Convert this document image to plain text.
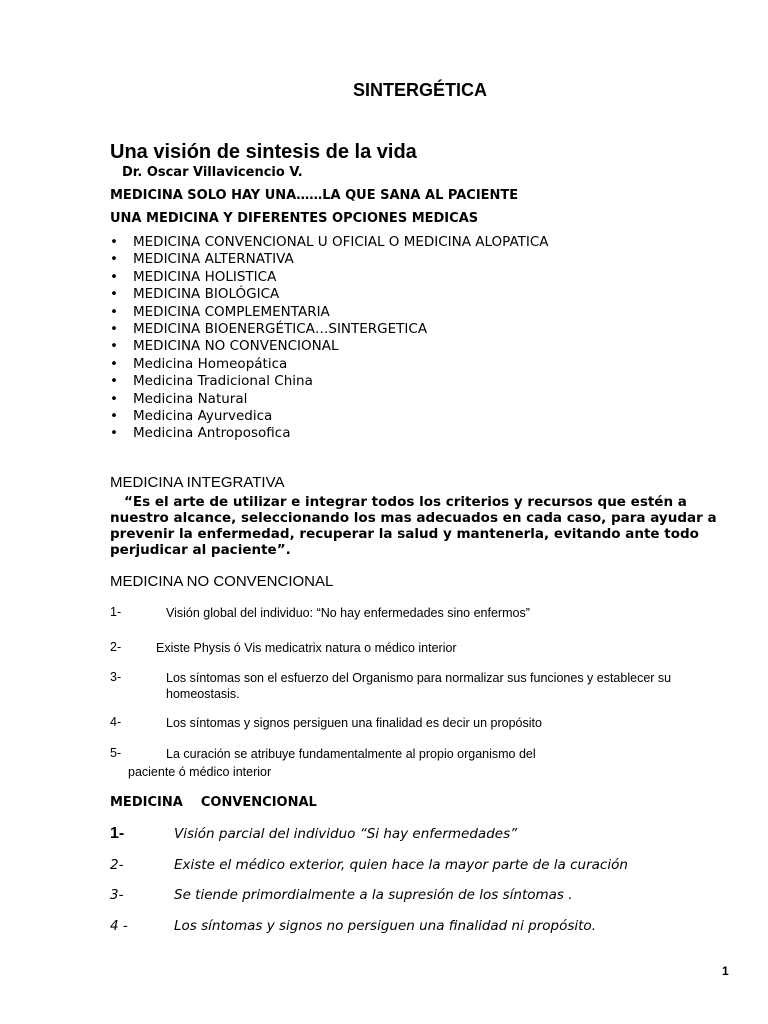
SINTERGÉTICA
Una visión de sintesis de la vida
Dr. Oscar Villavicencio V.
MEDICINA SOLO HAY UNA……LA QUE SANA AL PACIENTE
UNA MEDICINA Y DIFERENTES OPCIONES MEDICAS
• MEDICINA CONVENCIONAL U OFICIAL O MEDICINA ALOPATICA
• MEDICINA ALTERNATIVA
• MEDICINA HOLISTICA
• MEDICINA BIOLÓGICA
• MEDICINA COMPLEMENTARIA
• MEDICINA BIOENERGÉTICA…SINTERGETICA
• MEDICINA NO CONVENCIONAL
• Medicina Homeopática
• Medicina Tradicional China
• Medicina Natural
• Medicina Ayurvedica
• Medicina Antroposofica
MEDICINA INTEGRATIVA
“Es el arte de utilizar e integrar todos los criterios y recursos que estén a nuestro alcance, seleccionando los mas adecuados en cada caso, para ayudar a prevenir la enfermedad, recuperar la salud y mantenerla, evitando ante todo perjudicar al paciente”.
MEDICINA NO CONVENCIONAL
1-	Visión global del individuo: “No hay enfermedades sino enfermos”
2-	Existe Physis ó Vis medicatrix natura o médico interior
3-	Los síntomas son el esfuerzo del Organismo para normalizar sus funciones y establecer su homeostasis.
4-	Los síntomas y signos persiguen una finalidad es decir un propósito
5-	La curación se atribuye fundamentalmente al propio organismo del
paciente ó médico interior
MEDICINA    CONVENCIONAL
1-	Visión parcial del individuo “Si hay enfermedades”
2-	Existe el médico exterior, quien hace la mayor parte de la curación
3-	Se tiende primordialmente a la supresión de los síntomas .
4 -	Los síntomas y signos no persiguen una finalidad ni propósito.
1
